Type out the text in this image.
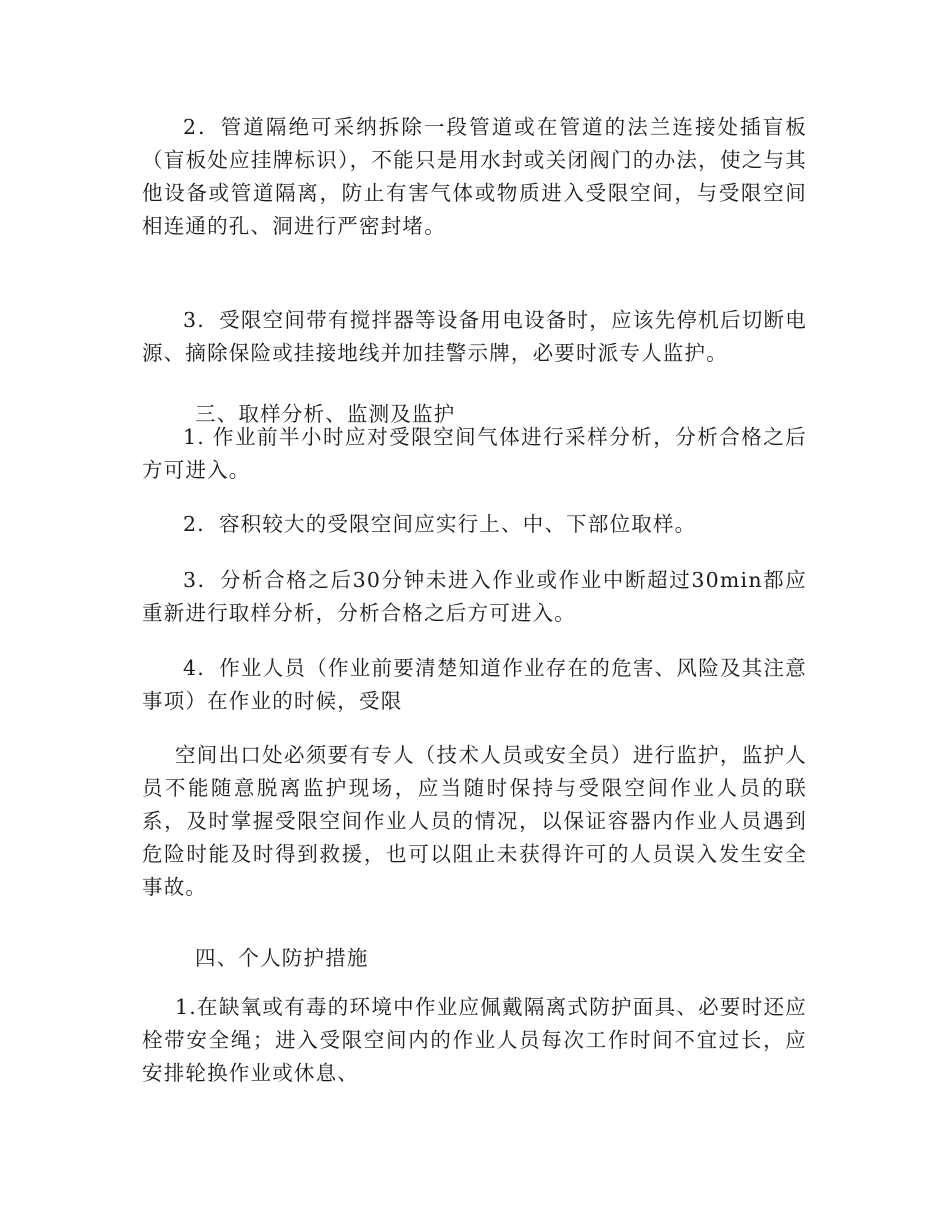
2．管道隔绝可采纳拆除一段管道或在管道的法兰连接处插盲板（盲板处应挂牌标识），不能只是用水封或关闭阀门的办法，使之与其他设备或管道隔离，防止有害气体或物质进入受限空间，与受限空间相连通的孔、洞进行严密封堵。

3．受限空间带有搅拌器等设备用电设备时，应该先停机后切断电源、摘除保险或挂接地线并加挂警示牌，必要时派专人监护。

三、取样分析、监测及监护

1. 作业前半小时应对受限空间气体进行采样分析，分析合格之后方可进入。

2．容积较大的受限空间应实行上、中、下部位取样。

3．分析合格之后30分钟未进入作业或作业中断超过30min都应重新进行取样分析，分析合格之后方可进入。

4．作业人员（作业前要清楚知道作业存在的危害、风险及其注意事项）在作业的时候，受限

空间出口处必须要有专人（技术人员或安全员）进行监护，监护人员不能随意脱离监护现场，应当随时保持与受限空间作业人员的联系，及时掌握受限空间作业人员的情况，以保证容器内作业人员遇到危险时能及时得到救援，也可以阻止未获得许可的人员误入发生安全事故。

四、个人防护措施

1.在缺氧或有毒的环境中作业应佩戴隔离式防护面具、必要时还应栓带安全绳；进入受限空间内的作业人员每次工作时间不宜过长，应安排轮换作业或休息、
